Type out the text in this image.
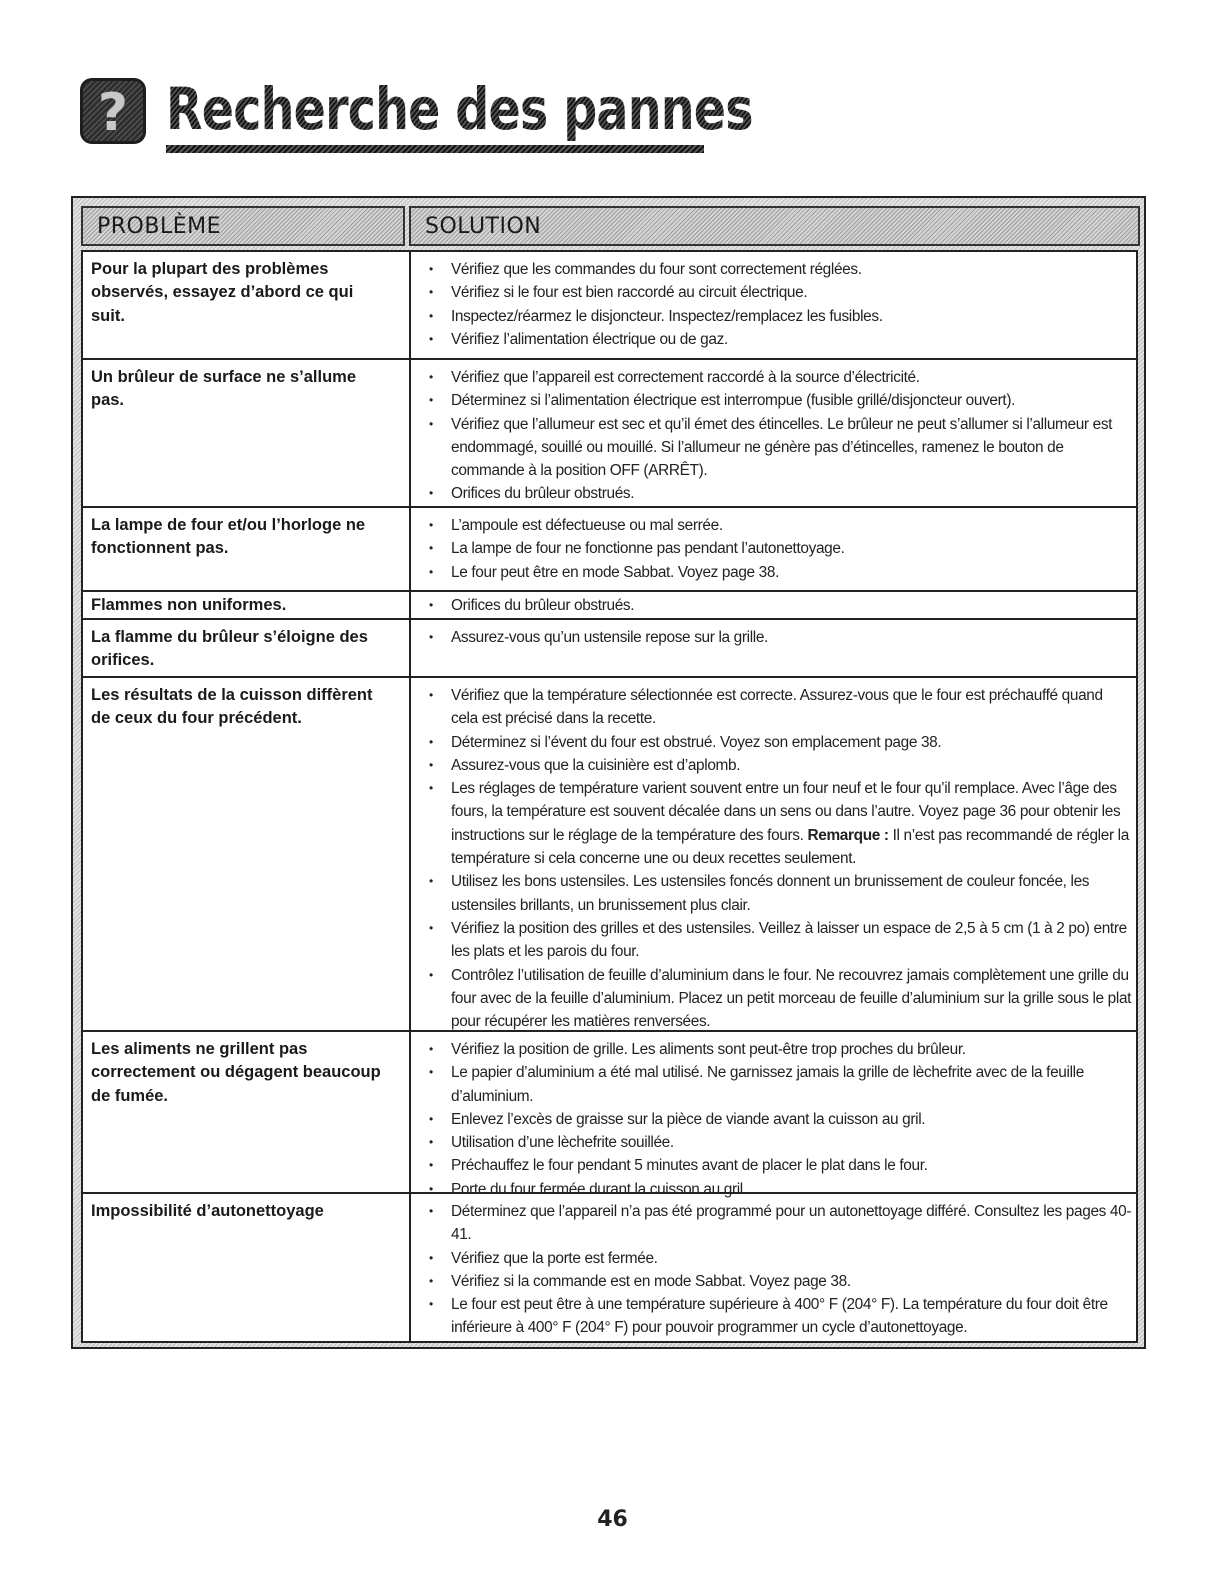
? Recherche des pannes
PROBLÈME	SOLUTION
Pour la plupart des problèmes observés, essayez d’abord ce qui suit.
• Vérifiez que les commandes du four sont correctement réglées.
• Vérifiez si le four est bien raccordé au circuit électrique.
• Inspectez/réarmez le disjoncteur. Inspectez/remplacez les fusibles.
• Vérifiez l’alimentation électrique ou de gaz.
Un brûleur de surface ne s’allume pas.
• Vérifiez que l’appareil est correctement raccordé à la source d’électricité.
• Déterminez si l’alimentation électrique est interrompue (fusible grillé/disjoncteur ouvert).
• Vérifiez que l’allumeur est sec et qu’il émet des étincelles. Le brûleur ne peut s’allumer si l’allumeur est endommagé, souillé ou mouillé. Si l’allumeur ne génère pas d’étincelles, ramenez le bouton de commande à la position OFF (ARRÊT).
• Orifices du brûleur obstrués.
La lampe de four et/ou l’horloge ne fonctionnent pas.
• L’ampoule est défectueuse ou mal serrée.
• La lampe de four ne fonctionne pas pendant l’autonettoyage.
• Le four peut être en mode Sabbat. Voyez page 38.
Flammes non uniformes.	• Orifices du brûleur obstrués.
La flamme du brûleur s’éloigne des orifices.
• Assurez-vous qu’un ustensile repose sur la grille.
Les résultats de la cuisson diffèrent de ceux du four précédent.
• Vérifiez que la température sélectionnée est correcte. Assurez-vous que le four est préchauffé quand cela est précisé dans la recette.
• Déterminez si l’évent du four est obstrué. Voyez son emplacement page 38.
• Assurez-vous que la cuisinière est d’aplomb.
• Les réglages de température varient souvent entre un four neuf et le four qu’il remplace. Avec l’âge des fours, la température est souvent décalée dans un sens ou dans l’autre. Voyez page 36 pour obtenir les instructions sur le réglage de la température des fours. Remarque : Il n’est pas recommandé de régler la température si cela concerne une ou deux recettes seulement.
• Utilisez les bons ustensiles. Les ustensiles foncés donnent un brunissement de couleur foncée, les ustensiles brillants, un brunissement plus clair.
• Vérifiez la position des grilles et des ustensiles. Veillez à laisser un espace de 2,5 à 5 cm (1 à 2 po) entre les plats et les parois du four.
• Contrôlez l’utilisation de feuille d’aluminium dans le four. Ne recouvrez jamais complètement une grille du four avec de la feuille d’aluminium. Placez un petit morceau de feuille d’aluminium sur la grille sous le plat pour récupérer les matières renversées.
Les aliments ne grillent pas correctement ou dégagent beaucoup de fumée.
• Vérifiez la position de grille. Les aliments sont peut-être trop proches du brûleur.
• Le papier d’aluminium a été mal utilisé. Ne garnissez jamais la grille de lèchefrite avec de la feuille d’aluminium.
• Enlevez l’excès de graisse sur la pièce de viande avant la cuisson au gril.
• Utilisation d’une lèchefrite souillée.
• Préchauffez le four pendant 5 minutes avant de placer le plat dans le four.
• Porte du four fermée durant la cuisson au gril.
Impossibilité d’autonettoyage	• Déterminez que l’appareil n’a pas été programmé pour un autonettoyage différé. Consultez les pages 40-41.
• Vérifiez que la porte est fermée.
• Vérifiez si la commande est en mode Sabbat. Voyez page 38.
• Le four est peut être à une température supérieure à 400° F (204° F). La température du four doit être inférieure à 400° F (204° F) pour pouvoir programmer un cycle d’autonettoyage.
46
